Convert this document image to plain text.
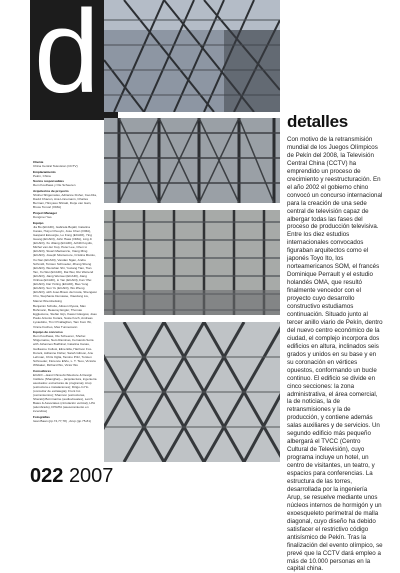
d
Cliente
China Central Television (CCTV)
Emplazamiento
Pekín, China
Socios responsables
Rem Koolhaas y Ole Scheeren
Arquitectos de proyecto
Shohei Shigematsu, Adrianne Fisher, Cao Dia, David Chacon, Ana Linnemann, Charles Berman, Hiroyasu Shiraki, Dorje van Gain, Bruce Tomori (OMA)
Project Manager
Dongmei Yao
Equipo
Jia Bo (ECADI), Gabriela Bojalil, Catarina Canas, Huiyu Chuoyin, Jose Chen (OMA), Gaspard Estourgie, Lo Fong (ECADI), Ying Guang (ECADI), John Haas (OMA), Ling Ji (ECADI), Xu Jiliang (ECADI), Achilli Koydis, Michel van der Kop, Peter Lee, Chen Li (ECADI), Stuart Mackenzie, Xiang Ming (ECADI), Joseph Montemore, Cristina Muiolo, Xu Nan (ECADI), Vandan Ngan, Andre Schmidt, Torsten Schroeder, Zhang Sheng (ECADI), Wenshan Shi, Yuxiang Tian, Tian Tan, Xu Wei (ECADI), Dai Wei, Rui Weirend (ECADI), Jiang Wenwei (ECADI), Jiang Xinhua (ECADI), Li Yan (ECADI), Fan Yifei (ECADI), Dai Yinling (ECADI), Bao Yong (ECADI), Sun Yu (ECADI), Wu Zheng (ECADI), with Joao Bravo da Costa, Shengwei Chu, Stephanie Demasse, Xiaodong Liu, Marcel Wrembelwing
Benjamin Schulte, Alisson Ryeca, Max Buhmann, Beauray Engler, Thomas Egglestone, Stefan Gijn, Kawei Glasgow, Joao Paulo Antonio Kurara, Susie Koch, Andreas Lystedsbo, Tim O'Callaghan, Tam Kom Wi, Vinnie Fuches, Max Tunnemann
Equipo de concurso
Rem Koolhaas, Ole Scheeren, Shohei Shigematsu, Nelo Raminas, Fernando Soria with Johannes Budhinal, Catarina Canas, Guillaume Collosi, Eline Ella, Harrison Fox-Durant, Adrianne Fisher, Sarah Gibson, Anu Lehman, Chris Oglia, Tamino Pritz, Torsten Schroeder, Florence Ehrle, L. T. Tsou, Victoria Whitaker, Richard Wu, Victor Wu
Consultores
ECADI —East China Architecture & Design Institute (Shanghai)— (arquitectura, ingeniería asociados: estructuras de programa); Arup (estructura e instalaciones); Dirigo-In Ho (consultor de estrategia); Front Inc. (cerramientos); Shannon (estructuras, Sheraki) Bornmarine (audiovisuales), Lerch Bates & Associates (circulación vertical), LPA (alumbrado), DHAHA (asesoramiento en incendios)
Fotografías
Iwan Baan (pp.74,77,78) , Arup (pp.75-81)
detalles
Con motivo de la retransmisión mundial de los Juegos Olímpicos de Pekín del 2008, la Televisión Central China (CCTV) ha emprendido un proceso de crecimiento y reestructuración. En el año 2002 el gobierno chino convocó un concurso internacional para la creación de una sede central de televisión capaz de albergar todas las fases del proceso de producción televisiva. Entre los diez estudios internacionales convocados figuraban arquitectos como el japonés Toyo Ito, los norteamericanos SOM, el francés Dominique Perrault y el estudio holandés OMA, que resultó finalmente vencedor con el proyecto cuyo desarrollo constructivo estudiamos continuación. Situado junto al tercer anillo viario de Pekín, dentro del nuevo centro económico de la ciudad, el complejo incorpora dos edificios en altura, inclinados seis grados y unidos en su base y en su coronación en vértices opuestos, conformando un bucle continuo. El edificio se divide en cinco secciones: la zona administrativa, el área comercial, la de noticias, la de retransmisiones y la de producción, y contiene además salas auxiliares y de servicios. Un segundo edificio más pequeño albergará el TVCC (Centro Cultural de Televisión), cuyo programa incluye un hotel, un centro de visitantes, un teatro, y espacios para conferencias. La estructura de las torres, desarrollada por la ingeniería Arup, se resuelve mediante unos núcleos internos de hormigón y un exoesqueleto perimetral de malla diagonal, cuyo diseño ha debido satisfacer el restrictivo código antisísmico de Pekín. Tras la finalización del evento olímpico, se prevé que la CCTV dará empleo a más de 10.000 personas en la capital china.
022 2007
